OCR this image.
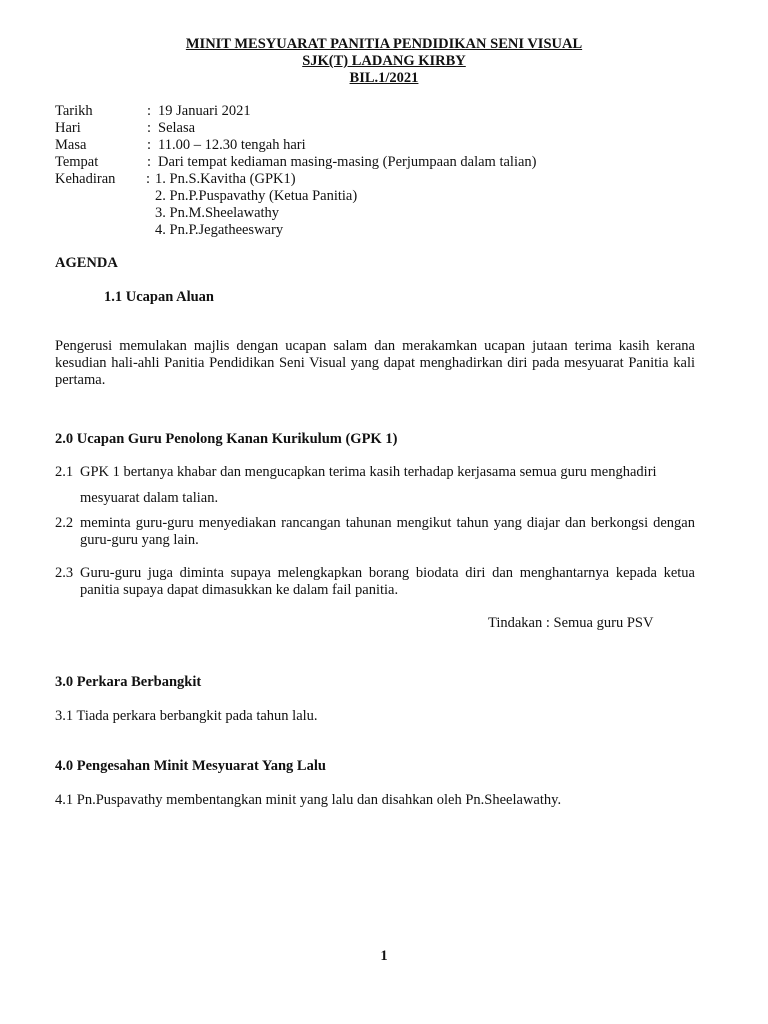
MINIT MESYUARAT PANITIA PENDIDIKAN SENI VISUAL
SJK(T) LADANG KIRBY
BIL.1/2021
Tarikh	: 19 Januari 2021
Hari	: Selasa
Masa	: 11.00 – 12.30 tengah hari
Tempat	: Dari tempat kediaman masing-masing (Perjumpaan dalam talian)
Kehadiran : 1. Pn.S.Kavitha (GPK1)
2. Pn.P.Puspavathy (Ketua Panitia)
3. Pn.M.Sheelawathy
4. Pn.P.Jegatheeswary
AGENDA
1.1 Ucapan Aluan
Pengerusi memulakan majlis dengan ucapan salam dan merakamkan ucapan jutaan terima kasih kerana kesudian hali-ahli Panitia Pendidikan Seni Visual yang dapat menghadirkan diri pada mesyuarat Panitia kali pertama.
2.0 Ucapan Guru Penolong Kanan Kurikulum (GPK 1)
2.1 GPK 1 bertanya khabar dan mengucapkan terima kasih terhadap kerjasama semua guru menghadiri
mesyuarat dalam talian.
2.2 meminta guru-guru menyediakan rancangan tahunan mengikut tahun yang diajar dan berkongsi dengan guru-guru yang lain.
2.3 Guru-guru juga diminta supaya melengkapkan borang biodata diri dan menghantarnya kepada ketua panitia supaya dapat dimasukkan ke dalam fail panitia.
Tindakan : Semua guru PSV
3.0 Perkara Berbangkit
3.1 Tiada perkara berbangkit pada tahun lalu.
4.0 Pengesahan Minit Mesyuarat Yang Lalu
4.1 Pn.Puspavathy membentangkan minit yang lalu dan disahkan oleh Pn.Sheelawathy.
1
